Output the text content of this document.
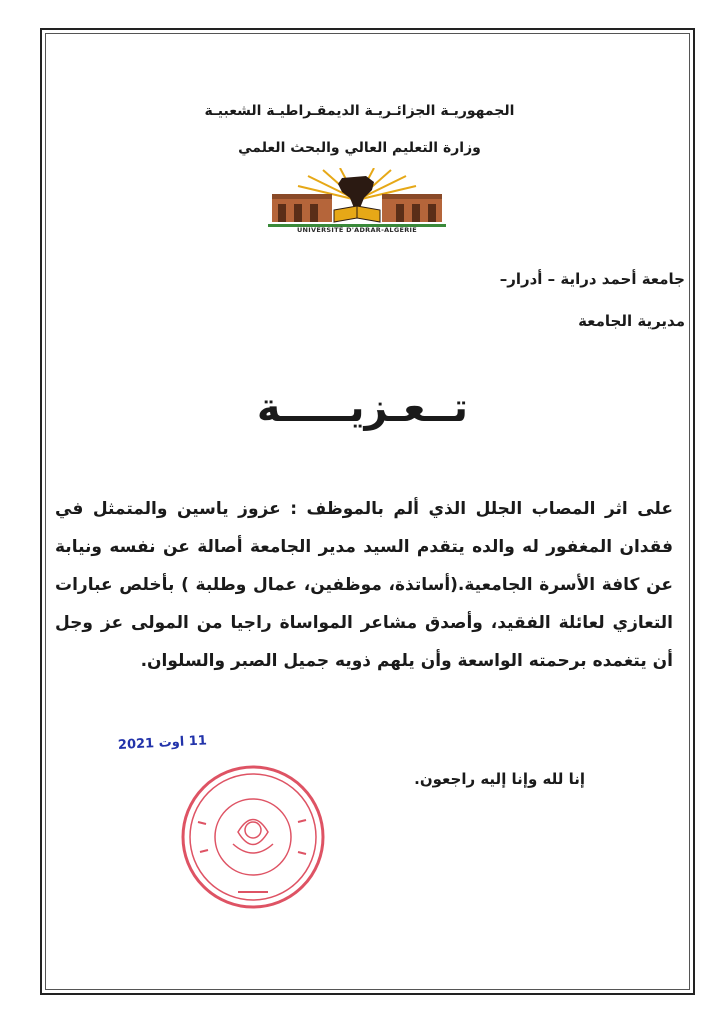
الجمهوريـة الجزائـريـة الديمقـراطيـة الشعبيـة
وزارة التعليم العالي والبحث العلمي
UNIVERSITÉ D'ADRAR-ALGERIE
جامعة أحمد دراية – أدرار–
مديرية الجامعة
تــعـزيـــــة
على اثر المصاب الجلل الذي ألم بالموظف : عزوز ياسين والمتمثل في فقدان المغفور له والده يتقدم السيد مدير الجامعة أصالة عن نفسه ونيابة عن كافة الأسرة الجامعية.(أساتذة، موظفين، عمال وطلبة ) بأخلص عبارات التعازي لعائلة الفقيد، وأصدق مشاعر المواساة راجيا من المولى عز وجل أن يتغمده برحمته الواسعة وأن يلهم ذويه جميل الصبر والسلوان.
11 اوت 2021
إنا لله وإنا إليه راجعون.
